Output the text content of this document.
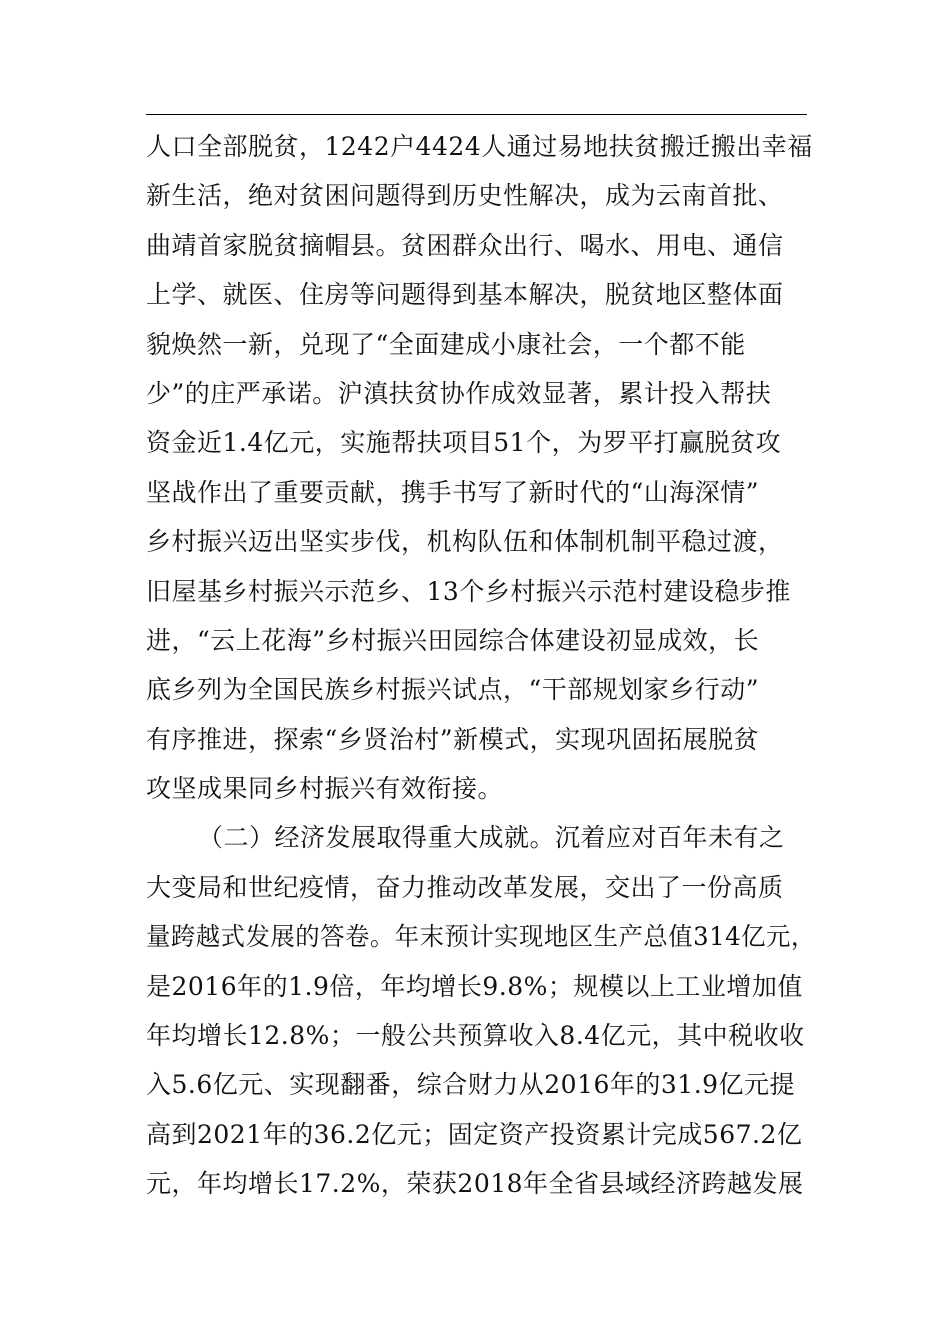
人口全部脱贫，1242户4424人通过易地扶贫搬迁搬出幸福
新生活，绝对贫困问题得到历史性解决，成为云南首批、
曲靖首家脱贫摘帽县。贫困群众出行、喝水、用电、通信
上学、就医、住房等问题得到基本解决，脱贫地区整体面
貌焕然一新，兑现了“全面建成小康社会，一个都不能
少”的庄严承诺。沪滇扶贫协作成效显著，累计投入帮扶
资金近1.4亿元，实施帮扶项目51个，为罗平打赢脱贫攻
坚战作出了重要贡献，携手书写了新时代的“山海深情”
乡村振兴迈出坚实步伐，机构队伍和体制机制平稳过渡，
旧屋基乡村振兴示范乡、13个乡村振兴示范村建设稳步推
进，“云上花海”乡村振兴田园综合体建设初显成效，长
底乡列为全国民族乡村振兴试点，“干部规划家乡行动”
有序推进，探索“乡贤治村”新模式，实现巩固拓展脱贫
攻坚成果同乡村振兴有效衔接。
（二）经济发展取得重大成就。沉着应对百年未有之
大变局和世纪疫情，奋力推动改革发展，交出了一份高质
量跨越式发展的答卷。年末预计实现地区生产总值314亿元，
是2016年的1.9倍，年均增长9.8%；规模以上工业增加值
年均增长12.8%；一般公共预算收入8.4亿元，其中税收收
入5.6亿元、实现翻番，综合财力从2016年的31.9亿元提
高到2021年的36.2亿元；固定资产投资累计完成567.2亿
元，年均增长17.2%，荣获2018年全省县域经济跨越发展
